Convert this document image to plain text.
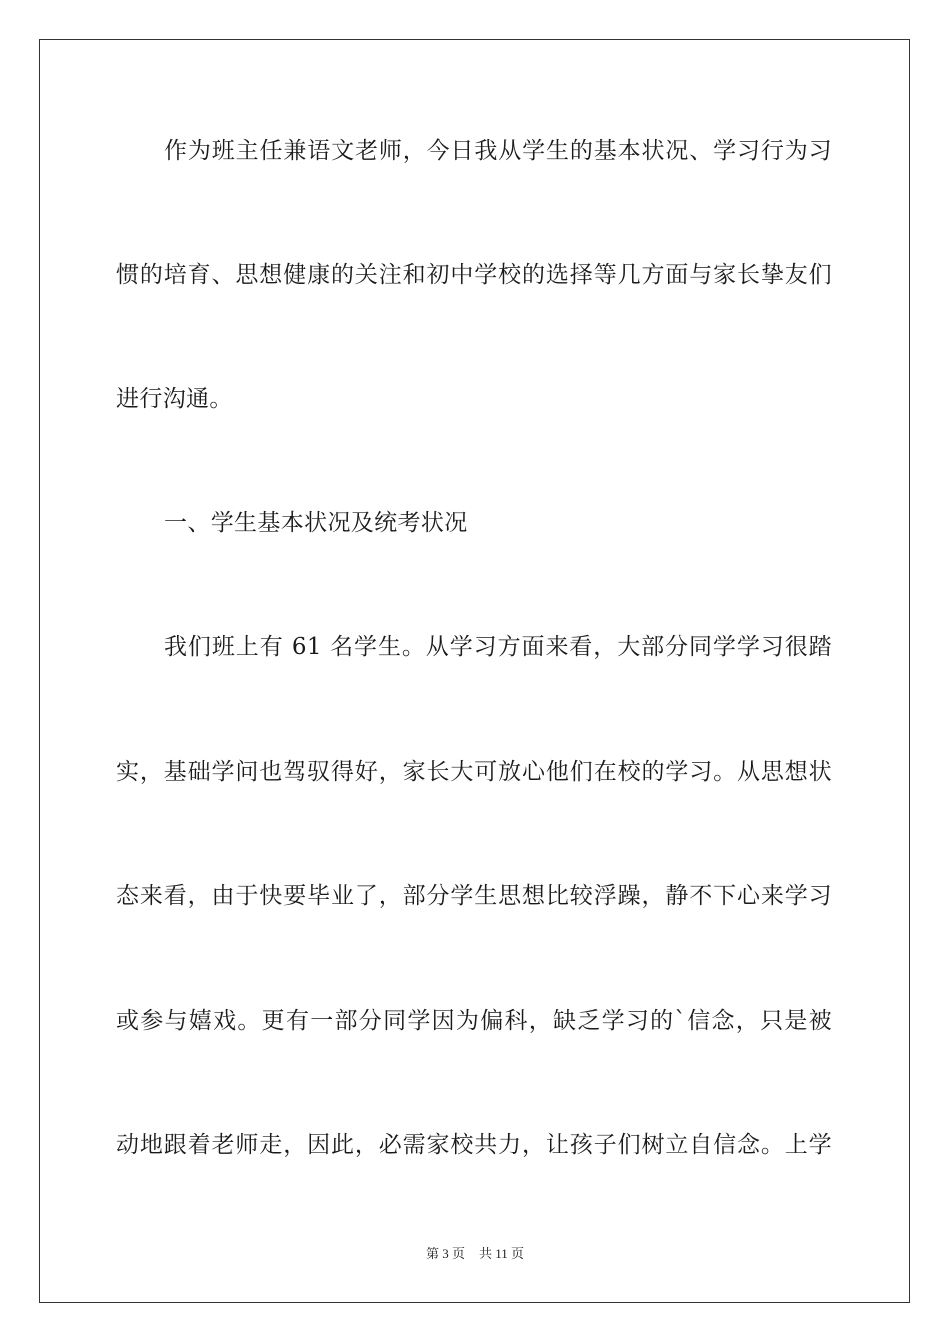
作为班主任兼语文老师，今日我从学生的基本状况、学习行为习
惯的培育、思想健康的关注和初中学校的选择等几方面与家长挚友们
进行沟通。
一、学生基本状况及统考状况
我们班上有 61 名学生。从学习方面来看，大部分同学学习很踏
实，基础学问也驾驭得好，家长大可放心他们在校的学习。从思想状
态来看，由于快要毕业了，部分学生思想比较浮躁，静不下心来学习
或参与嬉戏。更有一部分同学因为偏科，缺乏学习的`信念，只是被
动地跟着老师走，因此，必需家校共力，让孩子们树立自信念。上学
第 3 页 共 11 页
